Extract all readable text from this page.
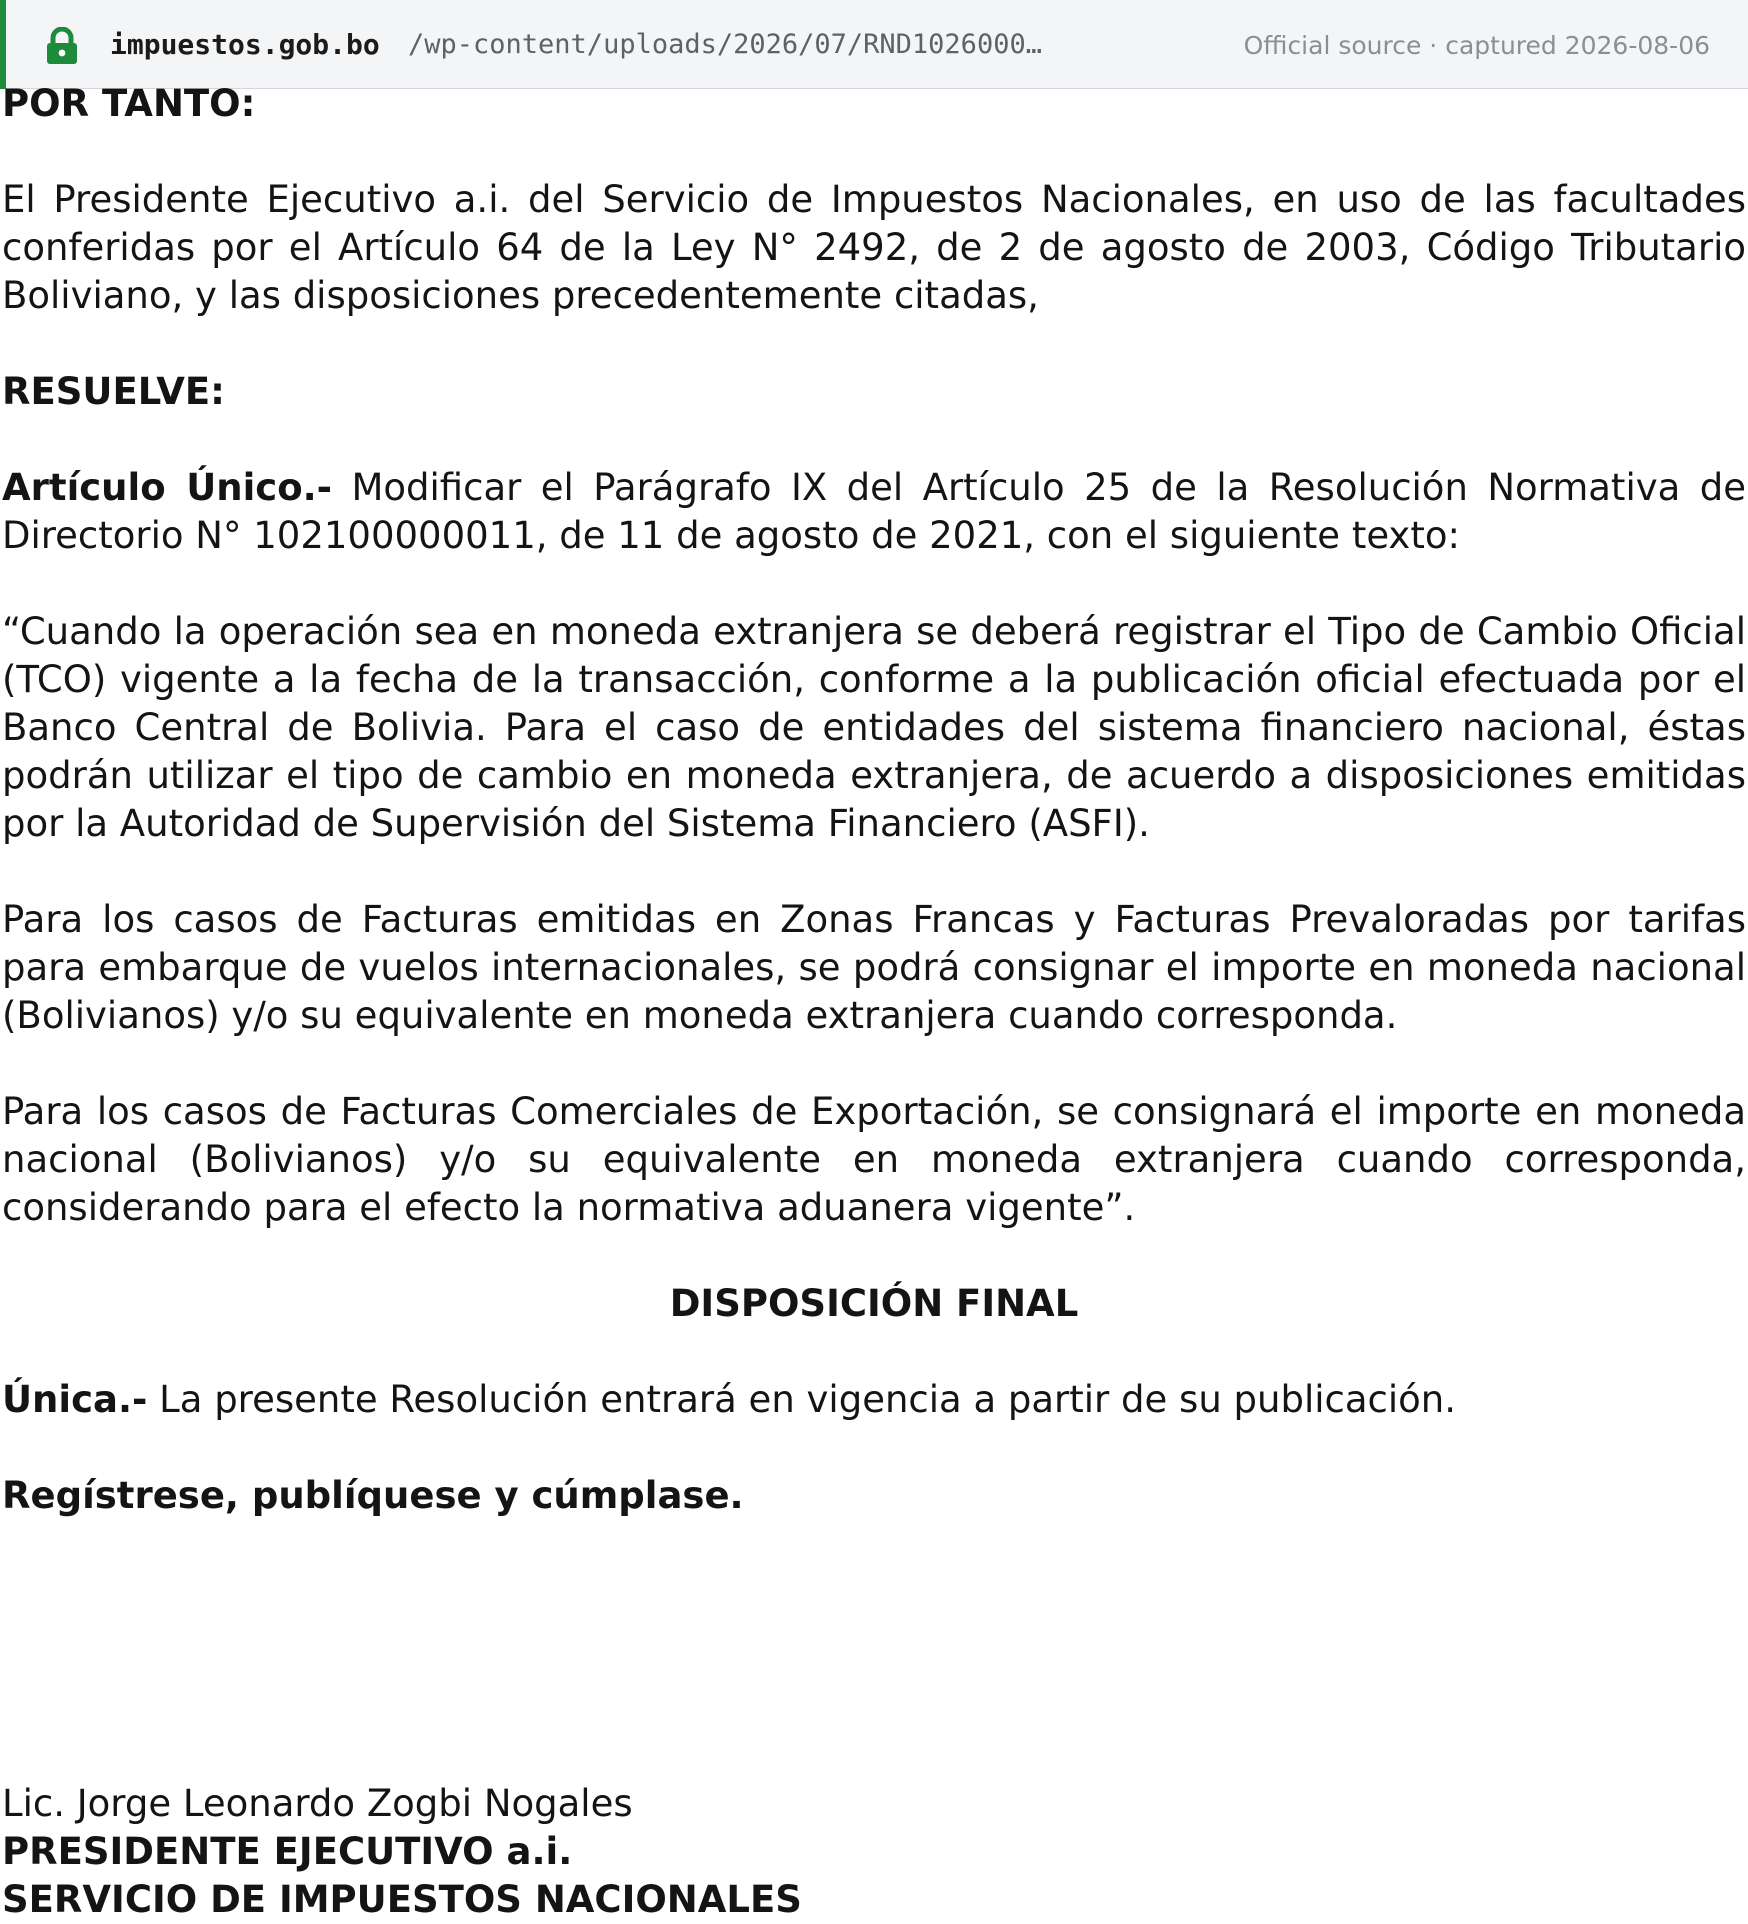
impuestos.gob.bo /wp-content/uploads/2026/07/RND1026000…	Official source · captured 2026-08-06

POR TANTO:

El Presidente Ejecutivo a.i. del Servicio de Impuestos Nacionales, en uso de las facultades conferidas por el Artículo 64 de la Ley N° 2492, de 2 de agosto de 2003, Código Tributario Boliviano, y las disposiciones precedentemente citadas,

RESUELVE:

Artículo Único.- Modificar el Parágrafo IX del Artículo 25 de la Resolución Normativa de Directorio N° 102100000011, de 11 de agosto de 2021, con el siguiente texto:

“Cuando la operación sea en moneda extranjera se deberá registrar el Tipo de Cambio Oficial (TCO) vigente a la fecha de la transacción, conforme a la publicación oficial efectuada por el Banco Central de Bolivia. Para el caso de entidades del sistema financiero nacional, éstas podrán utilizar el tipo de cambio en moneda extranjera, de acuerdo a disposiciones emitidas por la Autoridad de Supervisión del Sistema Financiero (ASFI).

Para los casos de Facturas emitidas en Zonas Francas y Facturas Prevaloradas por tarifas para embarque de vuelos internacionales, se podrá consignar el importe en moneda nacional (Bolivianos) y/o su equivalente en moneda extranjera cuando corresponda.

Para los casos de Facturas Comerciales de Exportación, se consignará el importe en moneda nacional (Bolivianos) y/o su equivalente en moneda extranjera cuando corresponda, considerando para el efecto la normativa aduanera vigente”.

DISPOSICIÓN FINAL

Única.- La presente Resolución entrará en vigencia a partir de su publicación.

Regístrese, publíquese y cúmplase.

Lic. Jorge Leonardo Zogbi Nogales

PRESIDENTE EJECUTIVO a.i.

SERVICIO DE IMPUESTOS NACIONALES
